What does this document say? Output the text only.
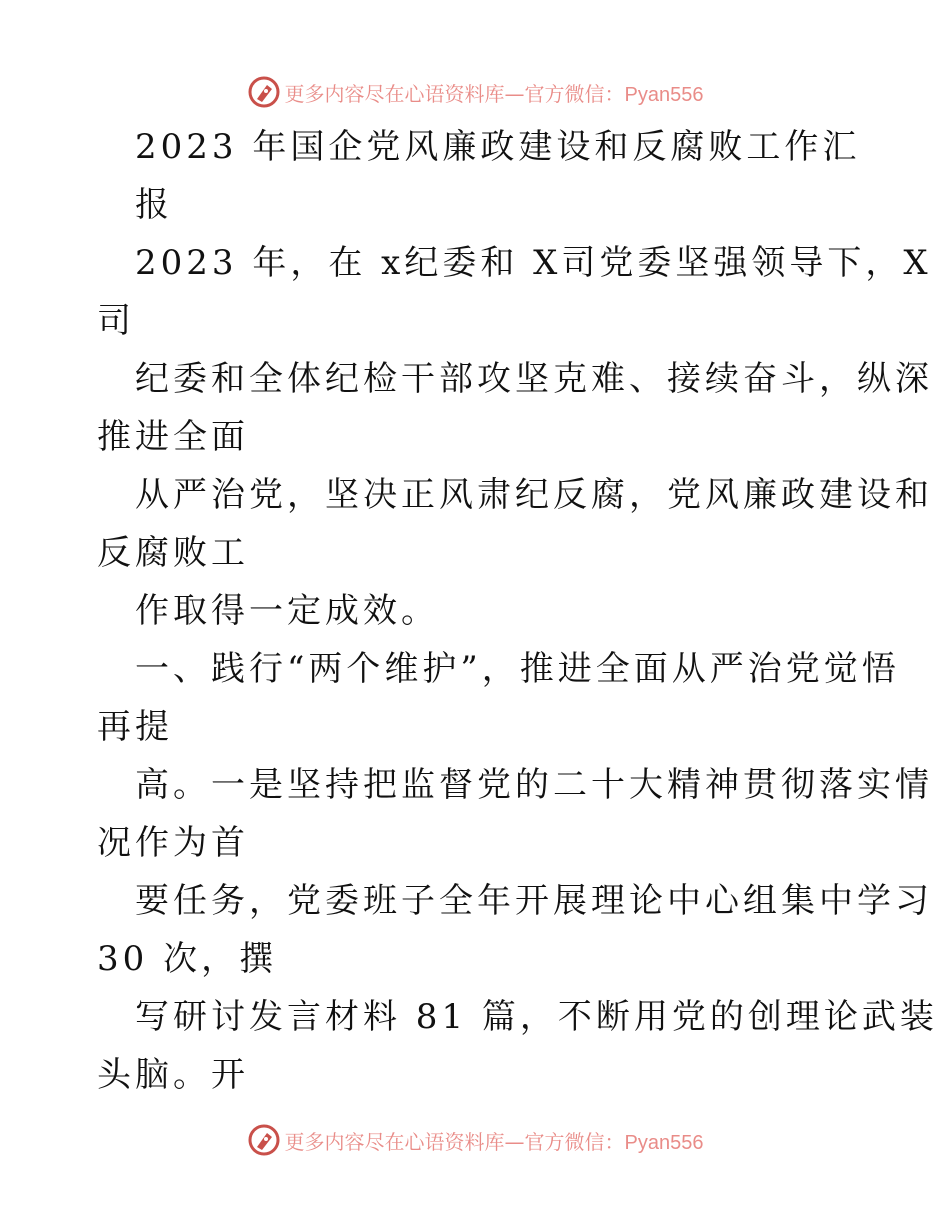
更多内容尽在心语资料库—官方微信：Pyan556
2023 年国企党风廉政建设和反腐败工作汇
报
2023 年，在 x纪委和 X司党委坚强领导下，X
司
纪委和全体纪检干部攻坚克难、接续奋斗，纵深
推进全面
从严治党，坚决正风肃纪反腐，党风廉政建设和
反腐败工
作取得一定成效。
一、践行“两个维护”，推进全面从严治党觉悟
再提
高。一是坚持把监督党的二十大精神贯彻落实情
况作为首
要任务，党委班子全年开展理论中心组集中学习
30 次，撰
写研讨发言材料 81 篇，不断用党的创理论武装
头脑。开
更多内容尽在心语资料库—官方微信：Pyan556
